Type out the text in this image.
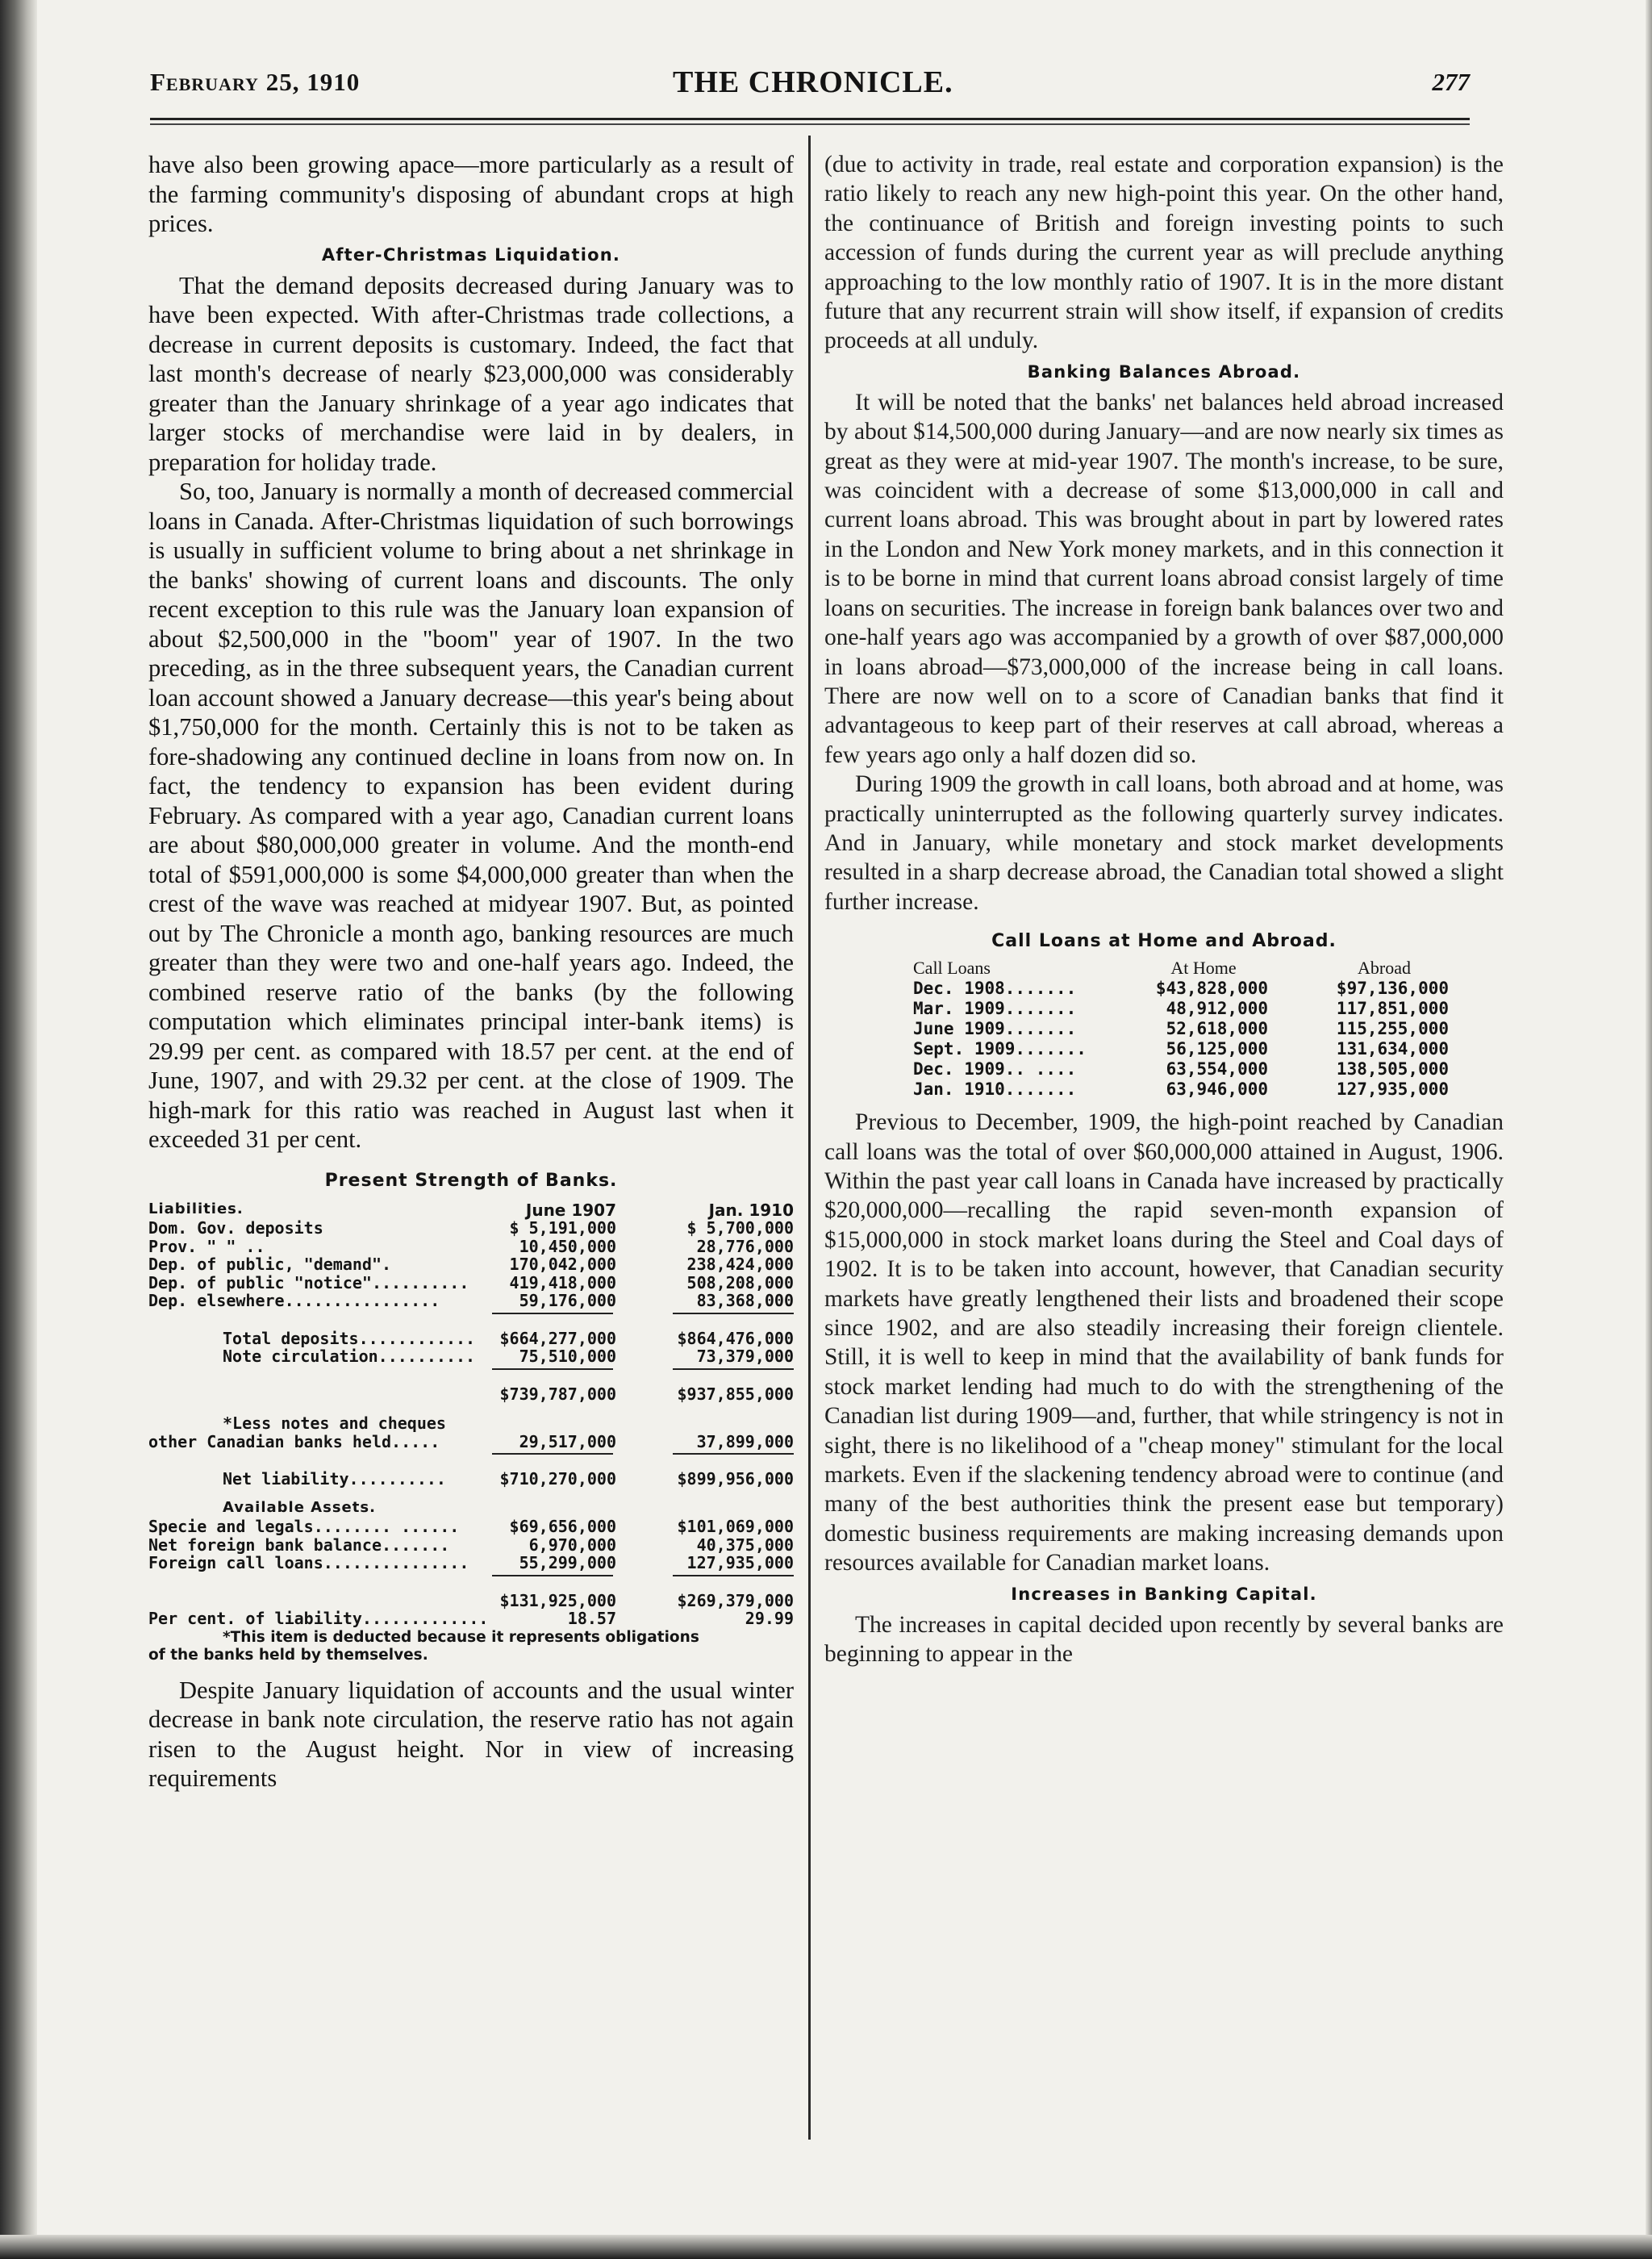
February 25, 1910	THE CHRONICLE.	277

have also been growing apace—more particularly as a result of the farming community's disposing of abundant crops at high prices.

After-Christmas Liquidation.

That the demand deposits decreased during January was to have been expected. With after-Christmas trade collections, a decrease in current deposits is customary. Indeed, the fact that last month's decrease of nearly $23,000,000 was considerably greater than the January shrinkage of a year ago indicates that larger stocks of merchandise were laid in by dealers, in preparation for holiday trade.

So, too, January is normally a month of decreased commercial loans in Canada. After-Christmas liquidation of such borrowings is usually in sufficient volume to bring about a net shrinkage in the banks' showing of current loans and discounts. The only recent exception to this rule was the January loan expansion of about $2,500,000 in the "boom" year of 1907. In the two preceding, as in the three subsequent years, the Canadian current loan account showed a January decrease—this year's being about $1,750,000 for the month. Certainly this is not to be taken as fore-shadowing any continued decline in loans from now on. In fact, the tendency to expansion has been evident during February. As compared with a year ago, Canadian current loans are about $80,000,000 greater in volume. And the month-end total of $591,000,000 is some $4,000,000 greater than when the crest of the wave was reached at midyear 1907. But, as pointed out by The Chronicle a month ago, banking resources are much greater than they were two and one-half years ago. Indeed, the combined reserve ratio of the banks (by the following computation which eliminates principal inter-bank items) is 29.99 per cent. as compared with 18.57 per cent. at the end of June, 1907, and with 29.32 per cent. at the close of 1909. The high-mark for this ratio was reached in August last when it exceeded 31 per cent.

Present Strength of Banks.
Liabilities.	June 1907	Jan. 1910
Dom. Gov. deposits	$ 5,191,000	$ 5,700,000
Prov. " " ..	10,450,000	28,776,000
Dep. of public, "demand".	170,042,000	238,424,000
Dep. of public "notice"..........	419,418,000	508,208,000
Dep. elsewhere................	59,176,000	83,368,000
Total deposits............ $664,277,000	$864,476,000
Note circulation..........	75,510,000	73,379,000
$739,787,000	$937,855,000
*Less notes and cheques
other Canadian banks held.....	29,517,000	37,899,000
Net liability..........	$710,270,000	$899,956,000
Available Assets.
Specie and legals........ ......	$69,656,000	$101,069,000
Net foreign bank balance.......	6,970,000	40,375,000
Foreign call loans...............	55,299,000	127,935,000
$131,925,000	$269,379,000
Per cent. of liability.............	18.57	29.99
*This item is deducted because it represents obligations
of the banks held by themselves.

Despite January liquidation of accounts and the usual winter decrease in bank note circulation, the reserve ratio has not again risen to the August height. Nor in view of increasing requirements

(due to activity in trade, real estate and corporation expansion) is the ratio likely to reach any new high-point this year. On the other hand, the continuance of British and foreign investing points to such accession of funds during the current year as will preclude anything approaching to the low monthly ratio of 1907. It is in the more distant future that any recurrent strain will show itself, if expansion of credits proceeds at all unduly.

Banking Balances Abroad.

It will be noted that the banks' net balances held abroad increased by about $14,500,000 during January—and are now nearly six times as great as they were at mid-year 1907. The month's increase, to be sure, was coincident with a decrease of some $13,000,000 in call and current loans abroad. This was brought about in part by lowered rates in the London and New York money markets, and in this connection it is to be borne in mind that current loans abroad consist largely of time loans on securities. The increase in foreign bank balances over two and one-half years ago was accompanied by a growth of over $87,000,000 in loans abroad—$73,000,000 of the increase being in call loans. There are now well on to a score of Canadian banks that find it advantageous to keep part of their reserves at call abroad, whereas a few years ago only a half dozen did so.

During 1909 the growth in call loans, both abroad and at home, was practically uninterrupted as the following quarterly survey indicates. And in January, while monetary and stock market developments resulted in a sharp decrease abroad, the Canadian total showed a slight further increase.

Call Loans at Home and Abroad.
Call Loans	At Home	Abroad
Dec. 1908.......	$43,828,000	$97,136,000
Mar. 1909.......	48,912,000	117,851,000
June 1909.......	52,618,000	115,255,000
Sept. 1909.......	56,125,000	131,634,000
Dec. 1909.. ....	63,554,000	138,505,000
Jan. 1910.......	63,946,000	127,935,000

Previous to December, 1909, the high-point reached by Canadian call loans was the total of over $60,000,000 attained in August, 1906. Within the past year call loans in Canada have increased by practically $20,000,000—recalling the rapid seven-month expansion of $15,000,000 in stock market loans during the Steel and Coal days of 1902. It is to be taken into account, however, that Canadian security markets have greatly lengthened their lists and broadened their scope since 1902, and are also steadily increasing their foreign clientele. Still, it is well to keep in mind that the availability of bank funds for stock market lending had much to do with the strengthening of the Canadian list during 1909—and, further, that while stringency is not in sight, there is no likelihood of a "cheap money" stimulant for the local markets. Even if the slackening tendency abroad were to continue (and many of the best authorities think the present ease but temporary) domestic business requirements are making increasing demands upon resources available for Canadian market loans.

Increases in Banking Capital.

The increases in capital decided upon recently by several banks are beginning to appear in the
